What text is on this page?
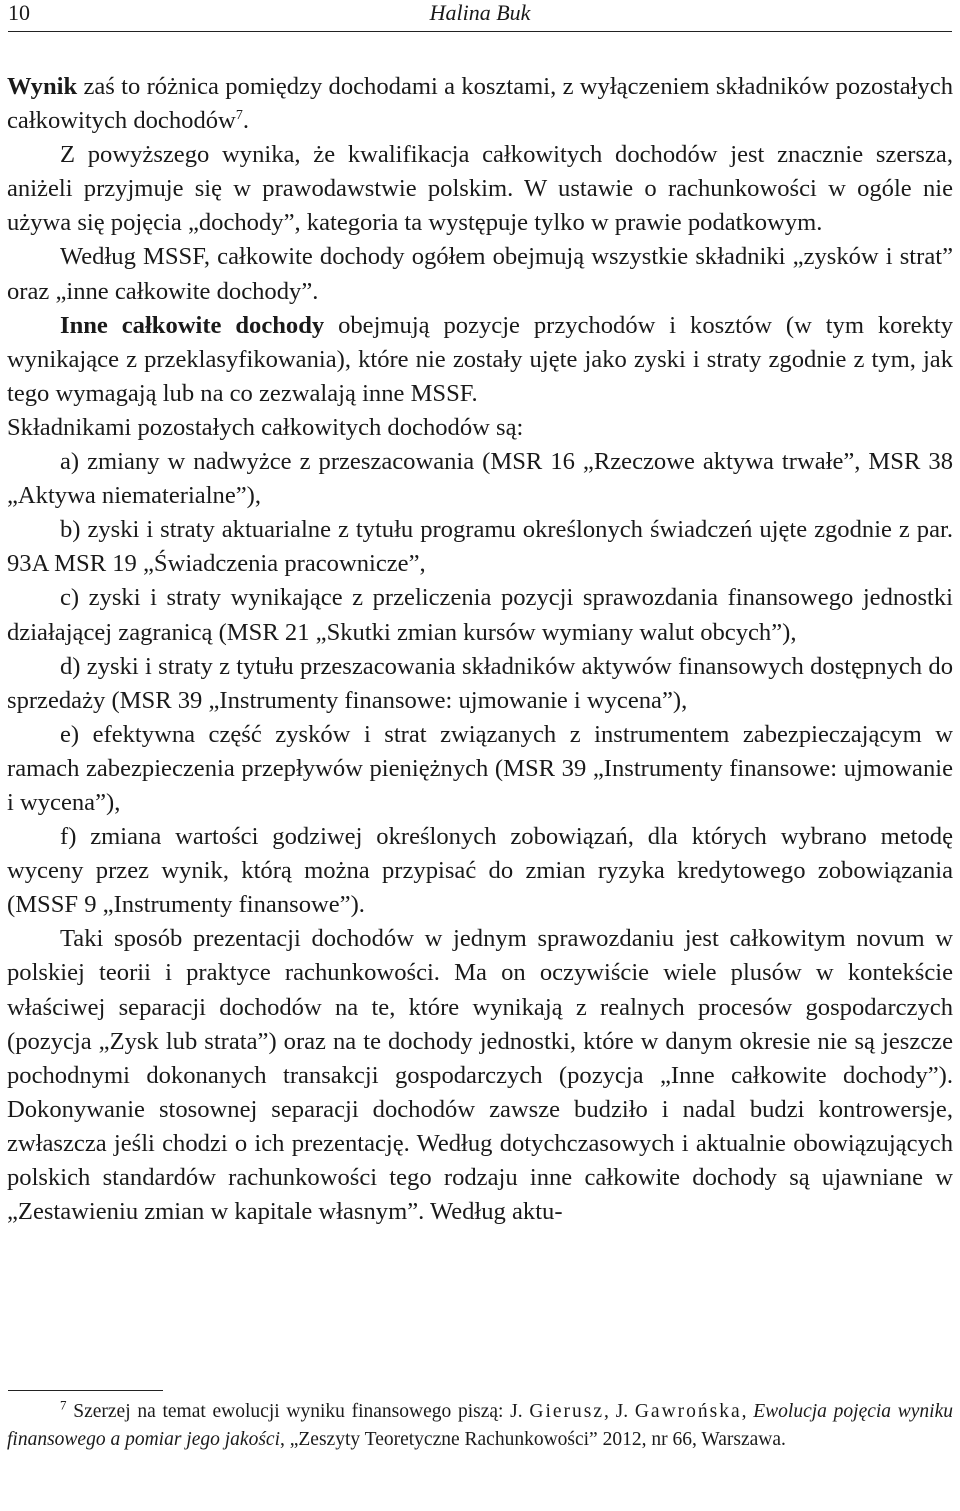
10	Halina Buk

Wynik zaś to różnica pomiędzy dochodami a kosztami, z wyłączeniem składników pozostałych całkowitych dochodów$^7$.

Z powyższego wynika, że kwalifikacja całkowitych dochodów jest znacznie szersza, aniżeli przyjmuje się w prawodawstwie polskim. W ustawie o rachunkowości w ogóle nie używa się pojęcia „dochody”, kategoria ta występuje tylko w prawie podatkowym.

Według MSSF, całkowite dochody ogółem obejmują wszystkie składniki „zysków i strat” oraz „inne całkowite dochody”.

Inne całkowite dochody obejmują pozycje przychodów i kosztów (w tym korekty wynikające z przeklasyfikowania), które nie zostały ujęte jako zyski i straty zgodnie z tym, jak tego wymagają lub na co zezwalają inne MSSF.

Składnikami pozostałych całkowitych dochodów są:

a) zmiany w nadwyżce z przeszacowania (MSR 16 „Rzeczowe aktywa trwałe”, MSR 38 „Aktywa niematerialne”),

b) zyski i straty aktuarialne z tytułu programu określonych świadczeń ujęte zgodnie z par. 93A MSR 19 „Świadczenia pracownicze”,

c) zyski i straty wynikające z przeliczenia pozycji sprawozdania finansowego jednostki działającej zagranicą (MSR 21 „Skutki zmian kursów wymiany walut obcych”),

d) zyski i straty z tytułu przeszacowania składników aktywów finansowych dostępnych do sprzedaży (MSR 39 „Instrumenty finansowe: ujmowanie i wycena”),

e) efektywna część zysków i strat związanych z instrumentem zabezpieczającym w ramach zabezpieczenia przepływów pieniężnych (MSR 39 „Instrumenty finansowe: ujmowanie i wycena”),

f) zmiana wartości godziwej określonych zobowiązań, dla których wybrano metodę wyceny przez wynik, którą można przypisać do zmian ryzyka kredytowego zobowiązania (MSSF 9 „Instrumenty finansowe”).

Taki sposób prezentacji dochodów w jednym sprawozdaniu jest całkowitym novum w polskiej teorii i praktyce rachunkowości. Ma on oczywiście wiele plusów w kontekście właściwej separacji dochodów na te, które wynikają z realnych procesów gospodarczych (pozycja „Zysk lub strata”) oraz na te dochody jednostki, które w danym okresie nie są jeszcze pochodnymi dokonanych transakcji gospodarczych (pozycja „Inne całkowite dochody”). Dokonywanie stosownej separacji dochodów zawsze budziło i nadal budzi kontrowersje, zwłaszcza jeśli chodzi o ich prezentację. Według dotychczasowych i aktualnie obowiązujących polskich standardów rachunkowości tego rodzaju inne całkowite dochody są ujawniane w „Zestawieniu zmian w kapitale własnym”. Według aktu-

$^7$ Szerzej na temat ewolucji wyniku finansowego piszą: J. Gierusz, J. Gawrońska, Ewolucja pojęcia wyniku finansowego a pomiar jego jakości, „Zeszyty Teoretyczne Rachunkowości” 2012, nr 66, Warszawa.
